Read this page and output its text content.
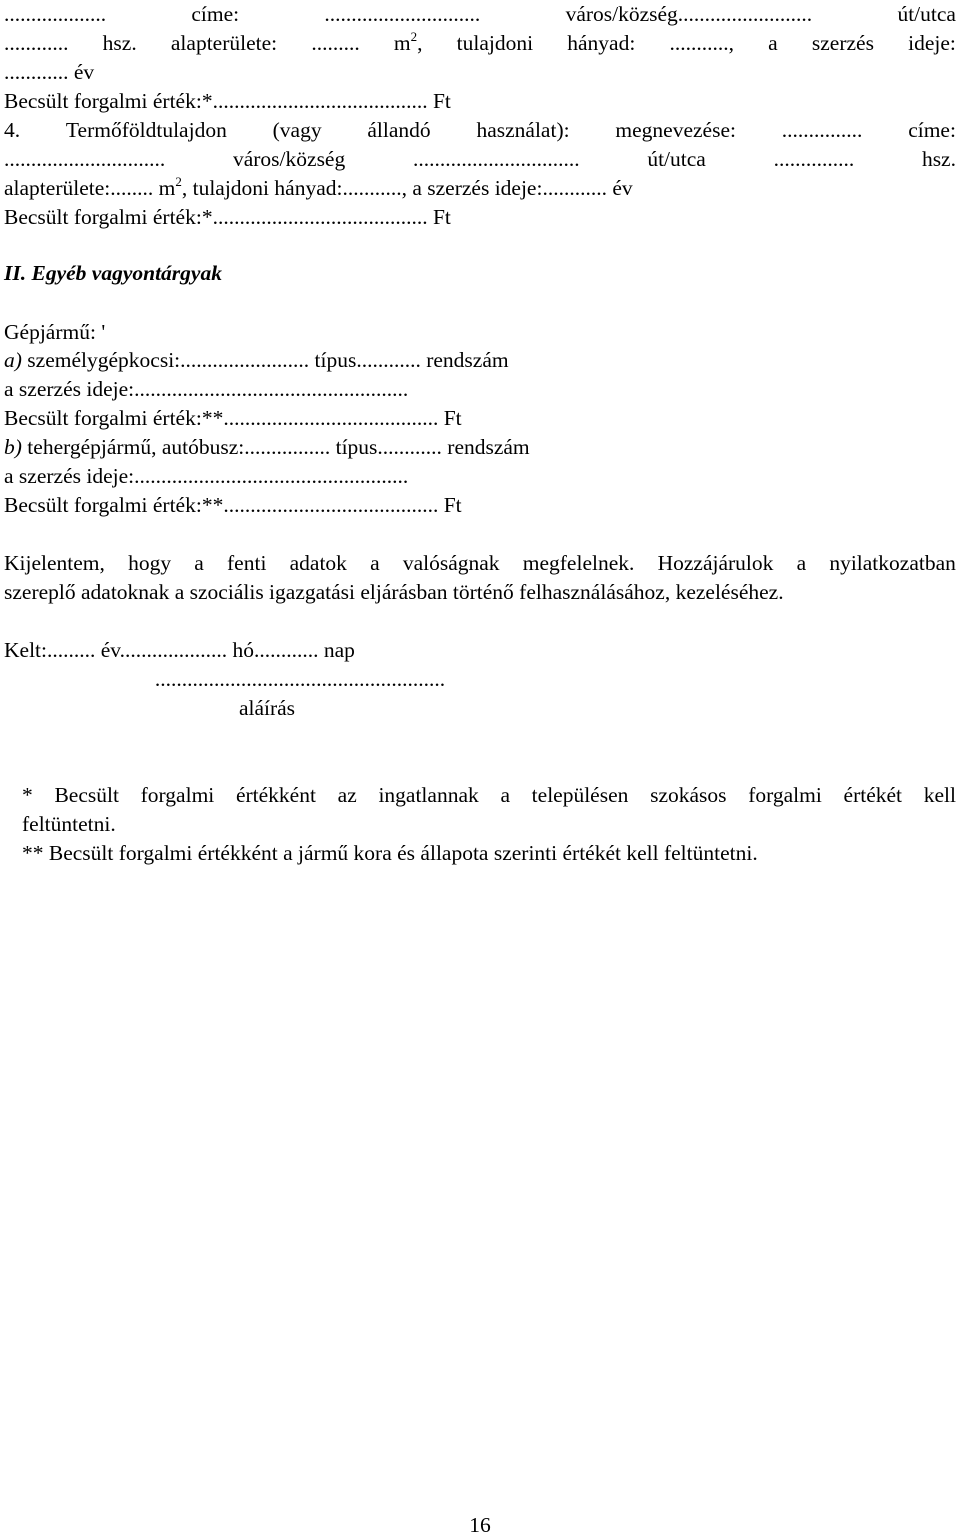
...................	címe:	.............................	város/község.........................	út/utca
............ hsz. alapterülete: ......... $m^2$, tulajdoni hányad: ..........., a szerzés ideje:
............ év
Becsült forgalmi érték:*........................................ Ft
4. Termőföldtulajdon (vagy állandó használat): megnevezése: ............... címe:
..............................	város/község	...............................	út/utca	...............	hsz.
alapterülete:........ $m^2$, tulajdoni hányad:..........., a szerzés ideje:............ év
Becsült forgalmi érték:*........................................ Ft
II. Egyéb vagyontárgyak
Gépjármű: '
a) személygépkocsi:........................ típus............ rendszám
a szerzés ideje:...................................................
Becsült forgalmi érték:**........................................ Ft
b) tehergépjármű, autóbusz:................ típus............ rendszám
a szerzés ideje:...................................................
Becsült forgalmi érték:**........................................ Ft
Kijelentem, hogy a fenti adatok a valóságnak megfelelnek. Hozzájárulok a nyilatkozatban
szereplő adatoknak a szociális igazgatási eljárásban történő felhasználásához, kezeléséhez.
Kelt:......... év.................... hó............ nap
......................................................
aláírás
* Becsült forgalmi értékként az ingatlannak a településen szokásos forgalmi értékét kell
feltüntetni.
** Becsült forgalmi értékként a jármű kora és állapota szerinti értékét kell feltüntetni.
16
